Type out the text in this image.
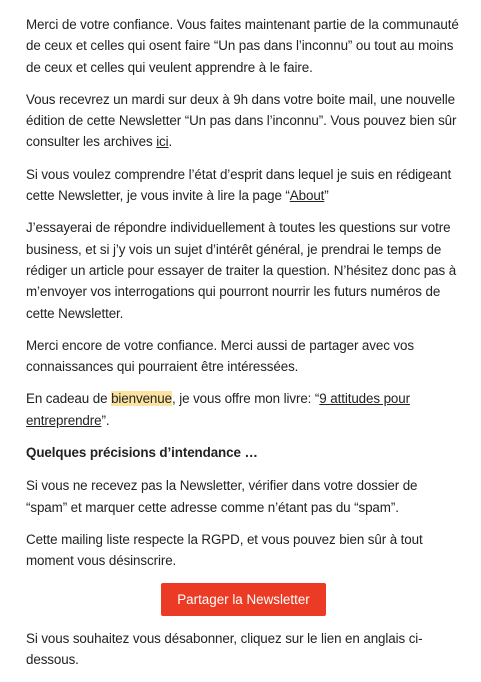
Merci de votre confiance. Vous faites maintenant partie de la communauté de ceux et celles qui osent faire “Un pas dans l’inconnu” ou tout au moins de ceux et celles qui veulent apprendre à le faire.

Vous recevrez un mardi sur deux à 9h dans votre boite mail, une nouvelle édition de cette Newsletter “Un pas dans l’inconnu”. Vous pouvez bien sûr consulter les archives ici.

Si vous voulez comprendre l’état d’esprit dans lequel je suis en rédigeant cette Newsletter, je vous invite à lire la page “About”

J’essayerai de répondre individuellement à toutes les questions sur votre business, et si j’y vois un sujet d’intérêt général, je prendrai le temps de rédiger un article pour essayer de traiter la question. N’hésitez donc pas à m’envoyer vos interrogations qui pourront nourrir les futurs numéros de cette Newsletter.

Merci encore de votre confiance. Merci aussi de partager avec vos connaissances qui pourraient être intéressées.

En cadeau de bienvenue, je vous offre mon livre: “9 attitudes pour entreprendre”.

Quelques précisions d’intendance …

Si vous ne recevez pas la Newsletter, vérifier dans votre dossier de “spam” et marquer cette adresse comme n’étant pas du “spam”.

Cette mailing liste respecte la RGPD, et vous pouvez bien sûr à tout moment vous désinscrire.

Partager la Newsletter

Si vous souhaitez vous désabonner, cliquez sur le lien en anglais ci-dessous.
